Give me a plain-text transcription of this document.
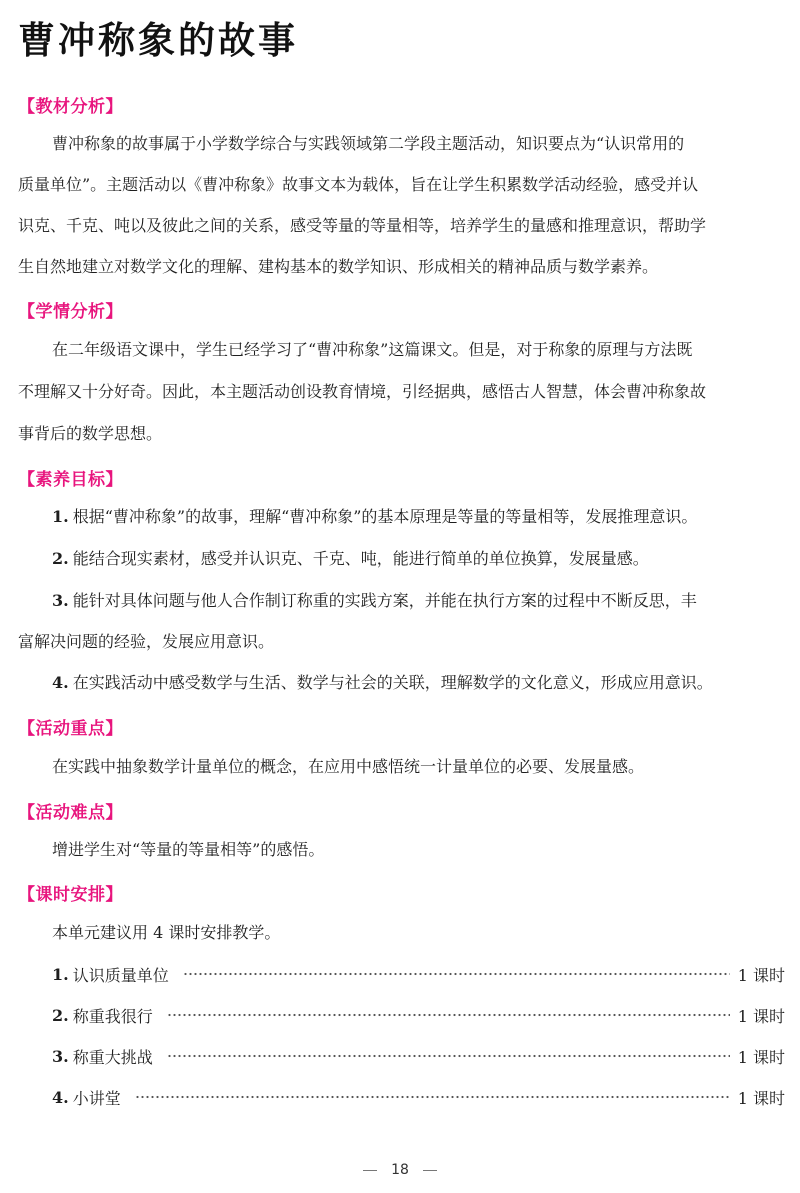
曹冲称象的故事
【教材分析】
曹冲称象的故事属于小学数学综合与实践领域第二学段主题活动，知识要点为“认识常用的
质量单位”。主题活动以《曹冲称象》故事文本为载体，旨在让学生积累数学活动经验，感受并认
识克、千克、吨以及彼此之间的关系，感受等量的等量相等，培养学生的量感和推理意识，帮助学
生自然地建立对数学文化的理解、建构基本的数学知识、形成相关的精神品质与数学素养。
【学情分析】
在二年级语文课中，学生已经学习了“曹冲称象”这篇课文。但是，对于称象的原理与方法既
不理解又十分好奇。因此，本主题活动创设教育情境，引经据典，感悟古人智慧，体会曹冲称象故
事背后的数学思想。
【素养目标】
1. 根据“曹冲称象”的故事，理解“曹冲称象”的基本原理是等量的等量相等，发展推理意识。
2. 能结合现实素材，感受并认识克、千克、吨，能进行简单的单位换算，发展量感。
3. 能针对具体问题与他人合作制订称重的实践方案，并能在执行方案的过程中不断反思，丰
富解决问题的经验，发展应用意识。
4. 在实践活动中感受数学与生活、数学与社会的关联，理解数学的文化意义，形成应用意识。
【活动重点】
在实践中抽象数学计量单位的概念，在应用中感悟统一计量单位的必要、发展量感。
【活动难点】
增进学生对“等量的等量相等”的感悟。
【课时安排】
本单元建议用 4 课时安排教学。
1. 认识质量单位	1 课时
2. 称重我很行	1 课时
3. 称重大挑战	1 课时
4. 小讲堂	1 课时
18
